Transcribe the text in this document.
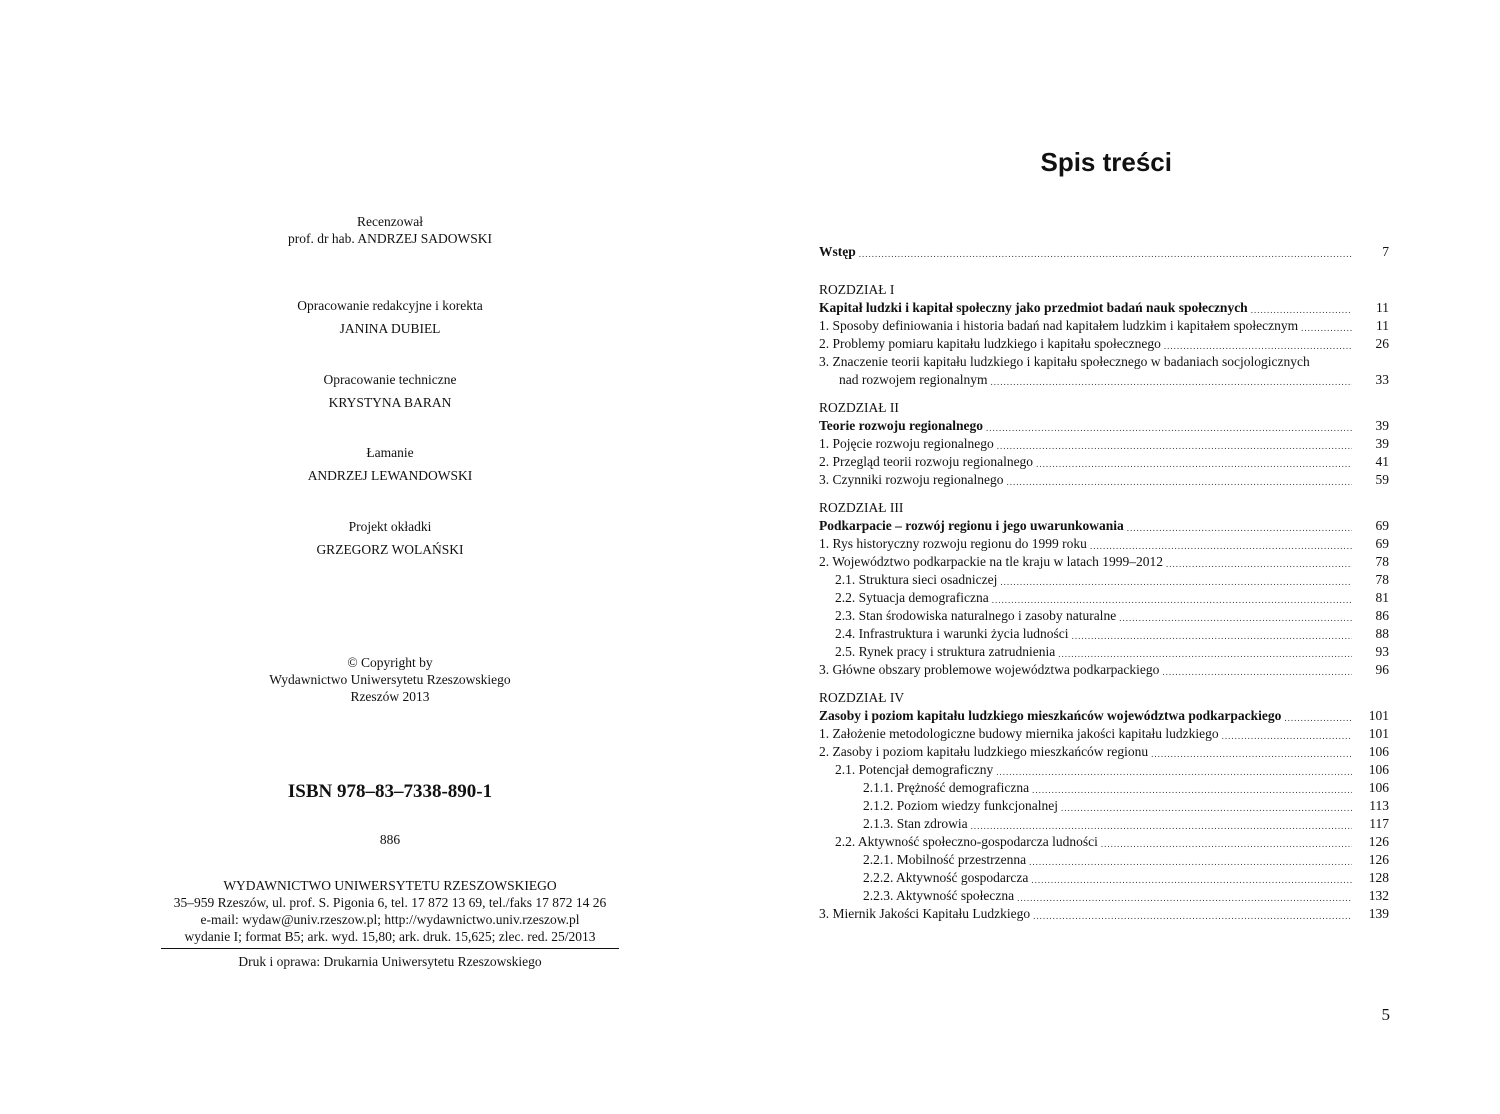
Recenzował
prof. dr hab. ANDRZEJ SADOWSKI
Opracowanie redakcyjne i korekta
JANINA DUBIEL
Opracowanie techniczne
KRYSTYNA BARAN
Łamanie
ANDRZEJ LEWANDOWSKI
Projekt okładki
GRZEGORZ WOLAŃSKI
© Copyright by
Wydawnictwo Uniwersytetu Rzeszowskiego
Rzeszów 2013
ISBN 978–83–7338-890-1
886
WYDAWNICTWO UNIWERSYTETU RZESZOWSKIEGO
35–959 Rzeszów, ul. prof. S. Pigonia 6, tel. 17 872 13 69, tel./faks 17 872 14 26
e-mail: wydaw@univ.rzeszow.pl; http://wydawnictwo.univ.rzeszow.pl
wydanie I; format B5; ark. wyd. 15,80; ark. druk. 15,625; zlec. red. 25/2013
Druk i oprawa: Drukarnia Uniwersytetu Rzeszowskiego
Spis treści
Wstęp .....	7
ROZDZIAŁ I
Kapitał ludzki i kapitał społeczny jako przedmiot badań nauk społecznych .....	11
1. Sposoby definiowania i historia badań nad kapitałem ludzkim i kapitałem społecznym .....	11
2. Problemy pomiaru kapitału ludzkiego i kapitału społecznego .....	26
3. Znaczenie teorii kapitału ludzkiego i kapitału społecznego w badaniach socjologicznych
nad rozwojem regionalnym .....	33
ROZDZIAŁ II
Teorie rozwoju regionalnego .....	39
1. Pojęcie rozwoju regionalnego .....	39
2. Przegląd teorii rozwoju regionalnego .....	41
3. Czynniki rozwoju regionalnego .....	59
ROZDZIAŁ III
Podkarpacie – rozwój regionu i jego uwarunkowania .....	69
1. Rys historyczny rozwoju regionu do 1999 roku .....	69
2. Województwo podkarpackie na tle kraju w latach 1999–2012 .....	78
2.1. Struktura sieci osadniczej .....	78
2.2. Sytuacja demograficzna .....	81
2.3. Stan środowiska naturalnego i zasoby naturalne .....	86
2.4. Infrastruktura i warunki życia ludności .....	88
2.5. Rynek pracy i struktura zatrudnienia .....	93
3. Główne obszary problemowe województwa podkarpackiego .....	96
ROZDZIAŁ IV
Zasoby i poziom kapitału ludzkiego mieszkańców województwa podkarpackiego .....	101
1. Założenie metodologiczne budowy miernika jakości kapitału ludzkiego .....	101
2. Zasoby i poziom kapitału ludzkiego mieszkańców regionu .....	106
2.1. Potencjał demograficzny .....	106
2.1.1. Prężność demograficzna .....	106
2.1.2. Poziom wiedzy funkcjonalnej .....	113
2.1.3. Stan zdrowia .....	117
2.2. Aktywność społeczno-gospodarcza ludności .....	126
2.2.1. Mobilność przestrzenna .....	126
2.2.2. Aktywność gospodarcza .....	128
2.2.3. Aktywność społeczna .....	132
3. Miernik Jakości Kapitału Ludzkiego .....	139
5
